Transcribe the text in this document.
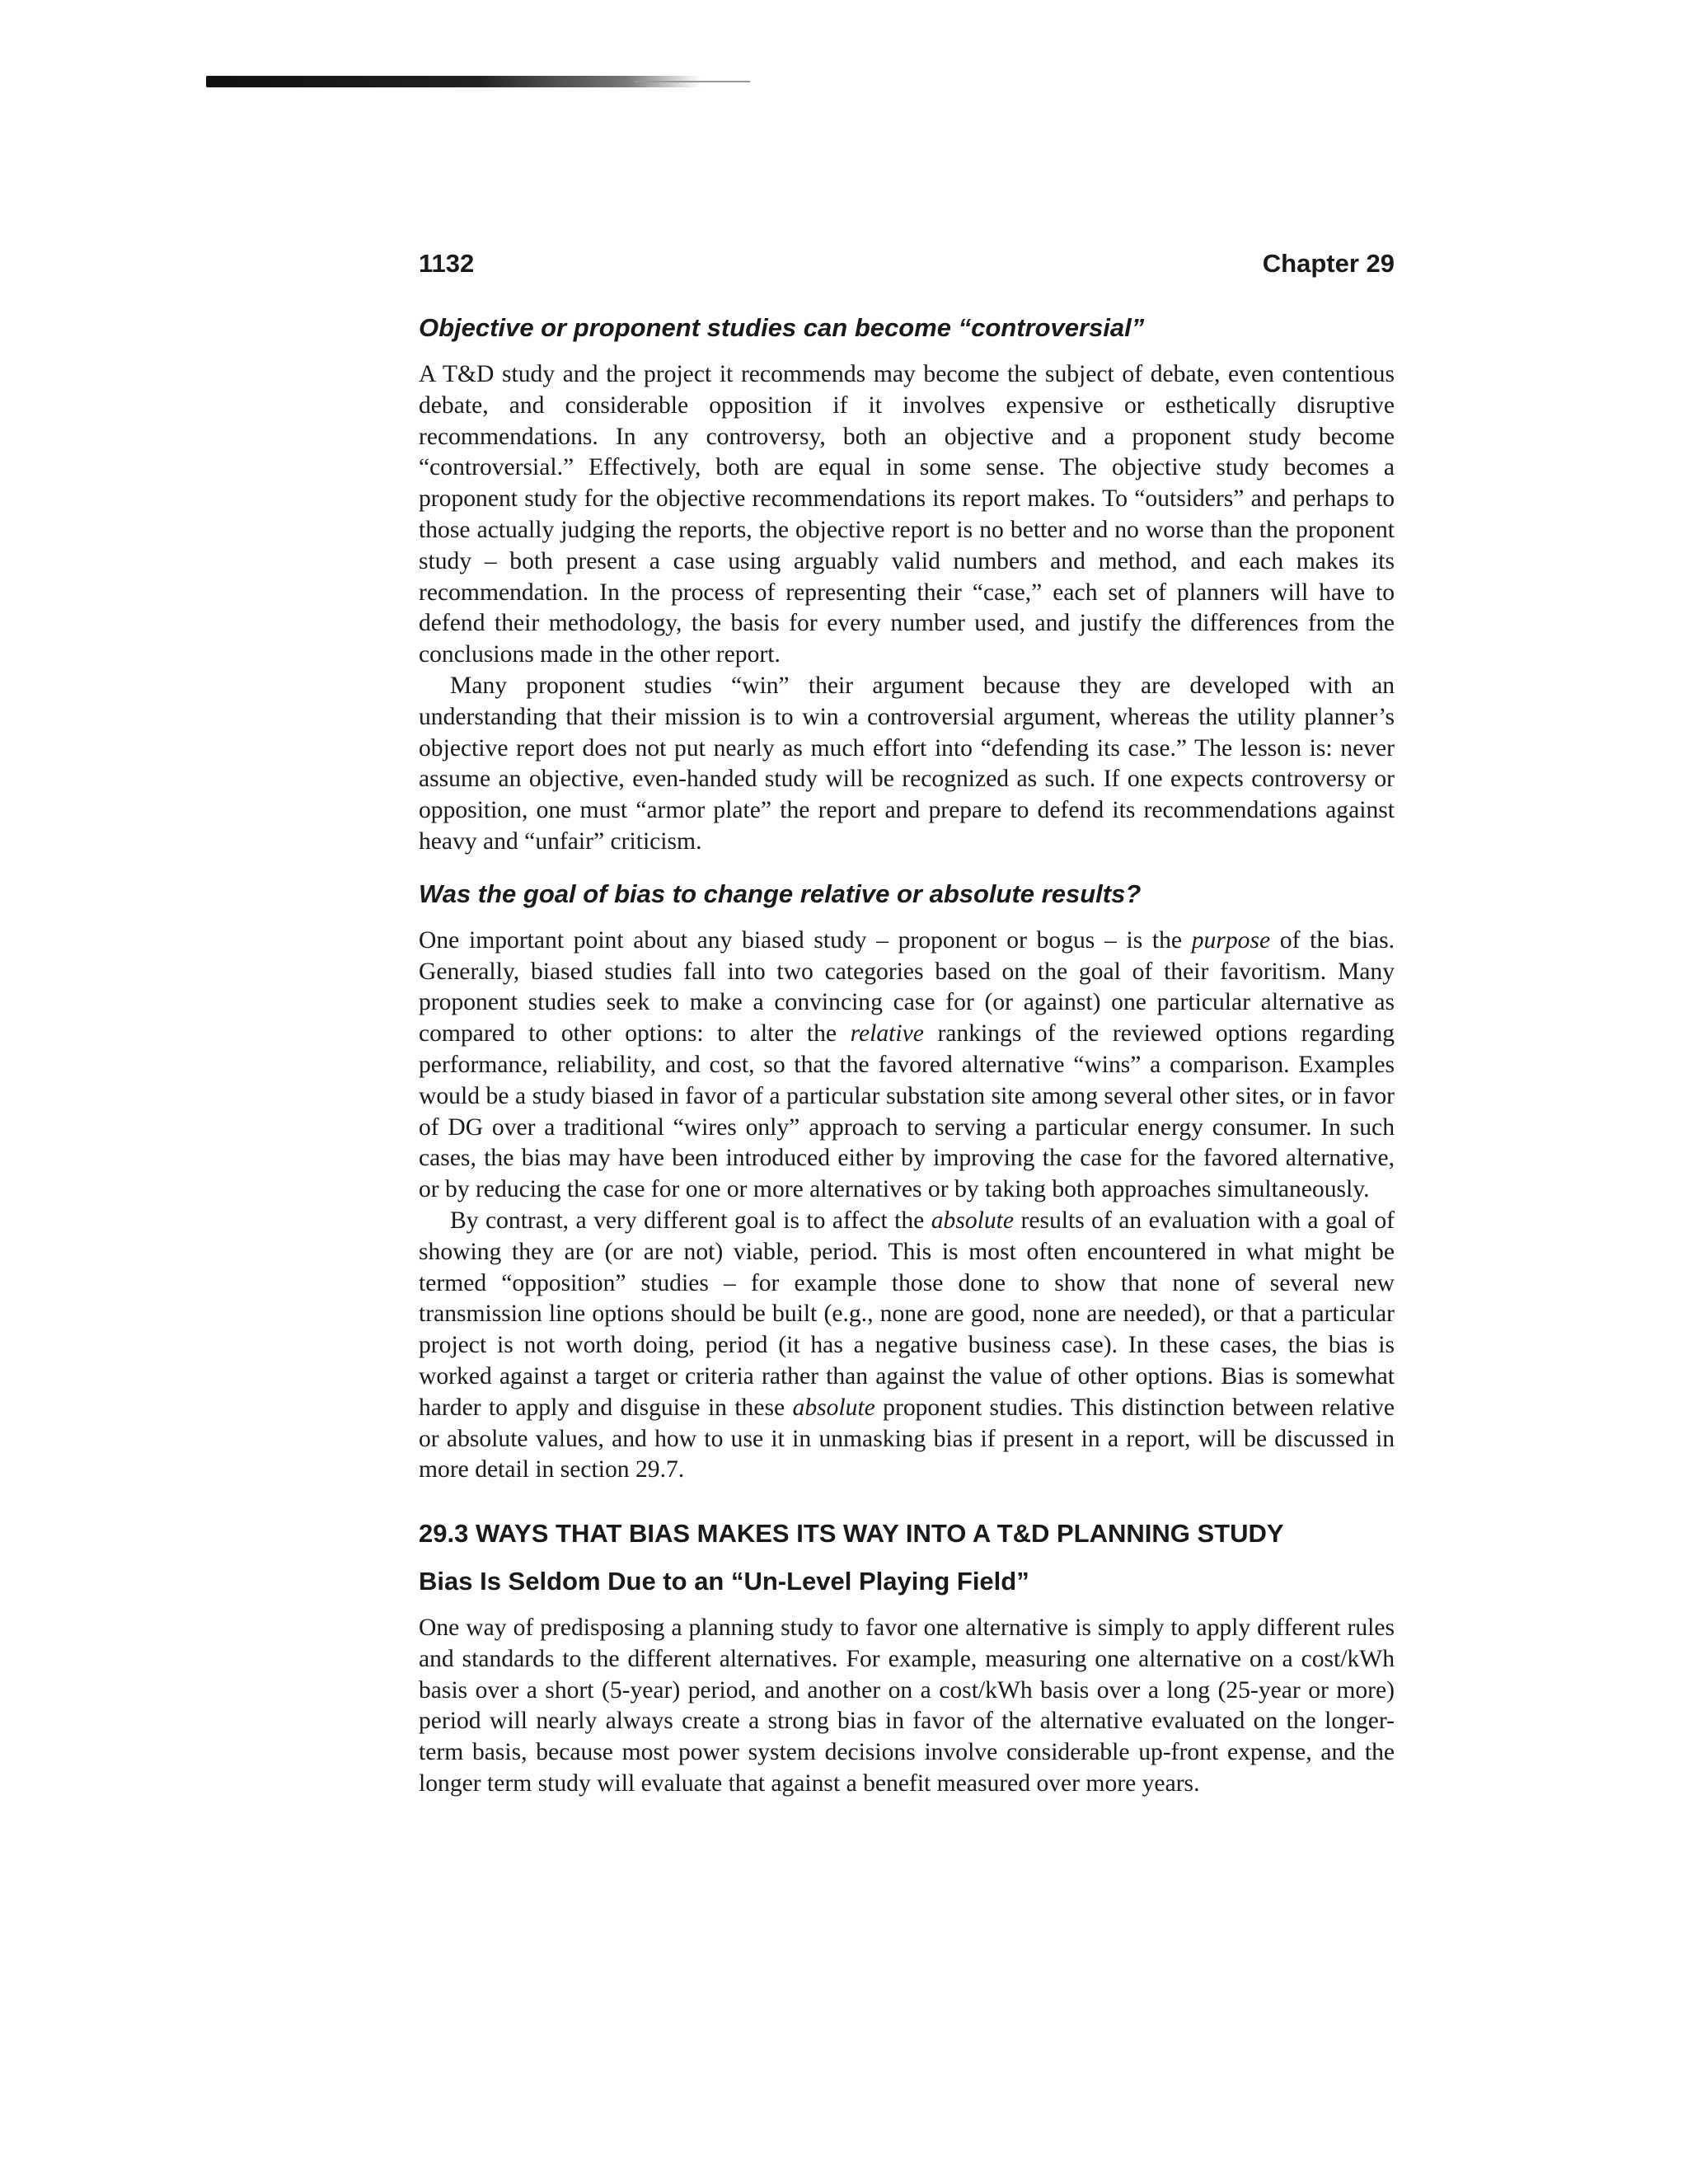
1132	Chapter 29
Objective or proponent studies can become “controversial”

A T&D study and the project it recommends may become the subject of debate, even contentious debate, and considerable opposition if it involves expensive or esthetically disruptive recommendations. In any controversy, both an objective and a proponent study become “controversial.” Effectively, both are equal in some sense. The objective study becomes a proponent study for the objective recommendations its report makes. To “outsiders” and perhaps to those actually judging the reports, the objective report is no better and no worse than the proponent study – both present a case using arguably valid numbers and method, and each makes its recommendation. In the process of representing their “case,” each set of planners will have to defend their methodology, the basis for every number used, and justify the differences from the conclusions made in the other report.

Many proponent studies “win” their argument because they are developed with an understanding that their mission is to win a controversial argument, whereas the utility planner’s objective report does not put nearly as much effort into “defending its case.” The lesson is: never assume an objective, even-handed study will be recognized as such. If one expects controversy or opposition, one must “armor plate” the report and prepare to defend its recommendations against heavy and “unfair” criticism.

Was the goal of bias to change relative or absolute results?

One important point about any biased study – proponent or bogus – is the purpose of the bias. Generally, biased studies fall into two categories based on the goal of their favoritism. Many proponent studies seek to make a convincing case for (or against) one particular alternative as compared to other options: to alter the relative rankings of the reviewed options regarding performance, reliability, and cost, so that the favored alternative “wins” a comparison. Examples would be a study biased in favor of a particular substation site among several other sites, or in favor of DG over a traditional “wires only” approach to serving a particular energy consumer. In such cases, the bias may have been introduced either by improving the case for the favored alternative, or by reducing the case for one or more alternatives or by taking both approaches simultaneously.

By contrast, a very different goal is to affect the absolute results of an evaluation with a goal of showing they are (or are not) viable, period. This is most often encountered in what might be termed “opposition” studies – for example those done to show that none of several new transmission line options should be built (e.g., none are good, none are needed), or that a particular project is not worth doing, period (it has a negative business case). In these cases, the bias is worked against a target or criteria rather than against the value of other options. Bias is somewhat harder to apply and disguise in these absolute proponent studies. This distinction between relative or absolute values, and how to use it in unmasking bias if present in a report, will be discussed in more detail in section 29.7.

29.3 WAYS THAT BIAS MAKES ITS WAY INTO A T&D PLANNING STUDY
Bias Is Seldom Due to an “Un-Level Playing Field”

One way of predisposing a planning study to favor one alternative is simply to apply different rules and standards to the different alternatives. For example, measuring one alternative on a cost/kWh basis over a short (5-year) period, and another on a cost/kWh basis over a long (25-year or more) period will nearly always create a strong bias in favor of the alternative evaluated on the longer-term basis, because most power system decisions involve considerable up-front expense, and the longer term study will evaluate that against a benefit measured over more years.
